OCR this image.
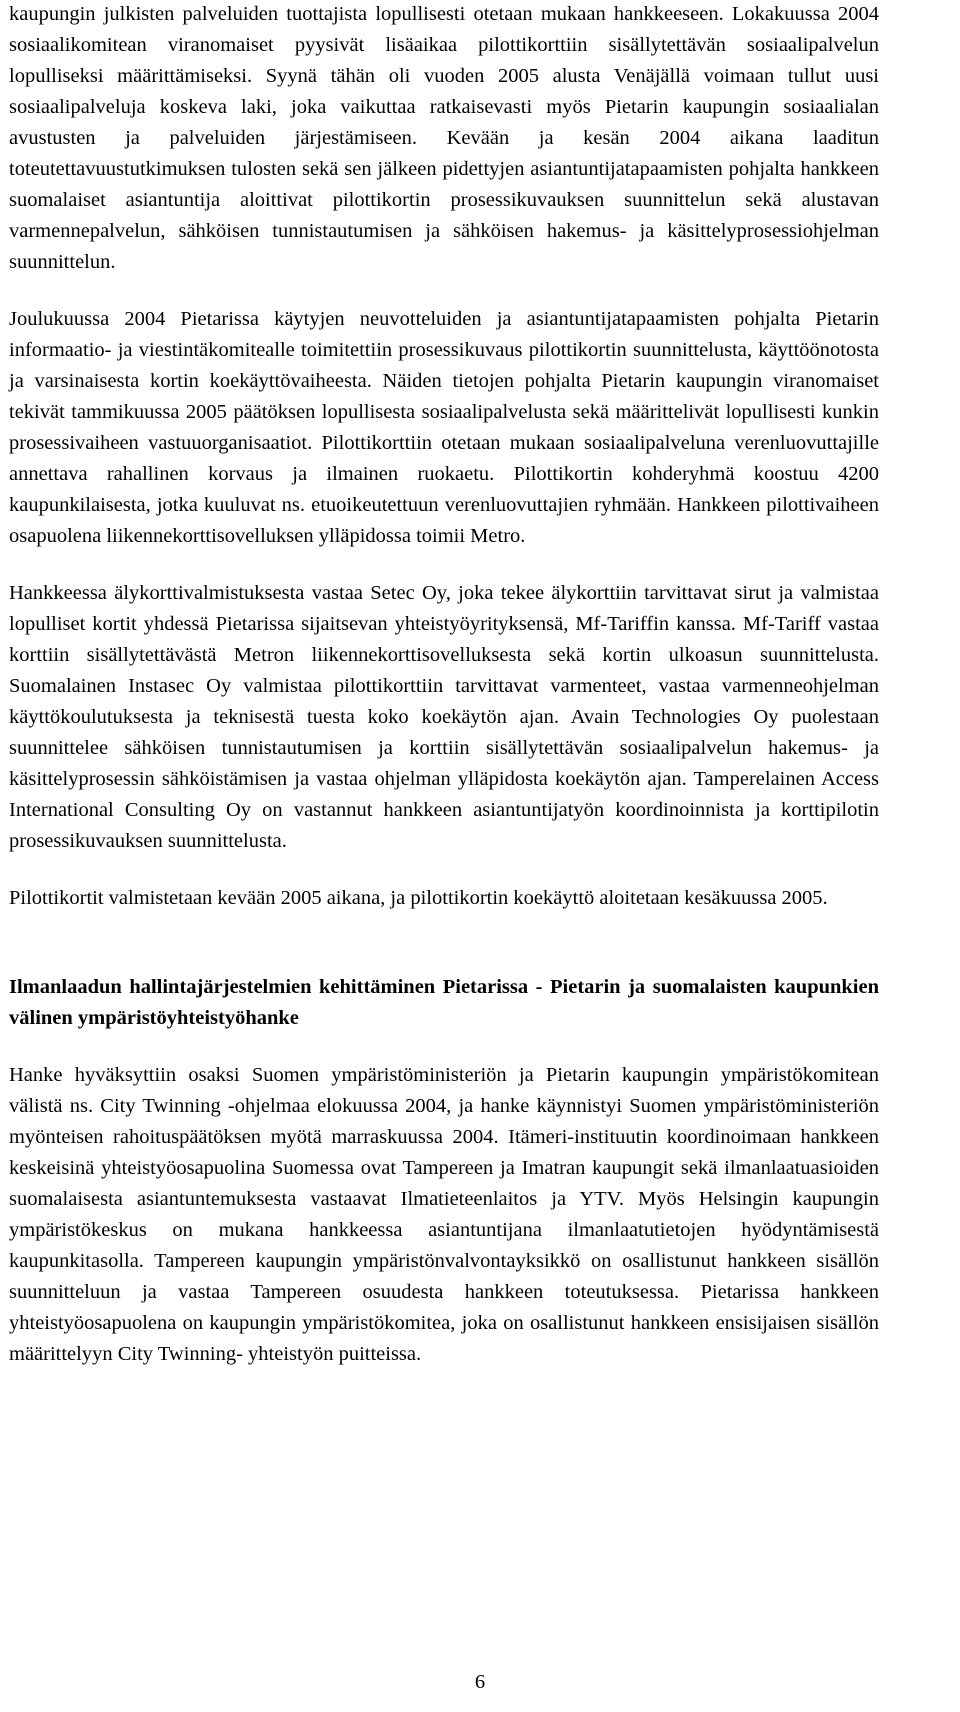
kaupungin julkisten palveluiden tuottajista lopullisesti otetaan mukaan hankkeeseen. Lokakuussa 2004 sosiaalikomitean viranomaiset pyysivät lisäaikaa pilottikorttiin sisällytettävän sosiaalipalvelun lopulliseksi määrittämiseksi. Syynä tähän oli vuoden 2005 alusta Venäjällä voimaan tullut uusi sosiaalipalveluja koskeva laki, joka vaikuttaa ratkaisevasti myös Pietarin kaupungin sosiaalialan avustusten ja palveluiden järjestämiseen. Kevään ja kesän 2004 aikana laaditun toteutettavuustutkimuksen tulosten sekä sen jälkeen pidettyjen asiantuntijatapaamisten pohjalta hankkeen suomalaiset asiantuntija aloittivat pilottikortin prosessikuvauksen suunnittelun sekä alustavan varmennepalvelun, sähköisen tunnistautumisen ja sähköisen hakemus- ja käsittelyprosessiohjelman suunnittelun.

Joulukuussa 2004 Pietarissa käytyjen neuvotteluiden ja asiantuntijatapaamisten pohjalta Pietarin informaatio- ja viestintäkomitealle toimitettiin prosessikuvaus pilottikortin suunnittelusta, käyttöönotosta ja varsinaisesta kortin koekäyttövaiheesta. Näiden tietojen pohjalta Pietarin kaupungin viranomaiset tekivät tammikuussa 2005 päätöksen lopullisesta sosiaalipalvelusta sekä määrittelivät lopullisesti kunkin prosessivaiheen vastuuorganisaatiot. Pilottikorttiin otetaan mukaan sosiaalipalveluna verenluovuttajille annettava rahallinen korvaus ja ilmainen ruokaetu. Pilottikortin kohderyhmä koostuu 4200 kaupunkilaisesta, jotka kuuluvat ns. etuoikeutettuun verenluovuttajien ryhmään. Hankkeen pilottivaiheen osapuolena liikennekorttisovelluksen ylläpidossa toimii Metro.

Hankkeessa älykorttivalmistuksesta vastaa Setec Oy, joka tekee älykorttiin tarvittavat sirut ja valmistaa lopulliset kortit yhdessä Pietarissa sijaitsevan yhteistyöyrityksensä, Mf-Tariffin kanssa. Mf-Tariff vastaa korttiin sisällytettävästä Metron liikennekorttisovelluksesta sekä kortin ulkoasun suunnittelusta. Suomalainen Instasec Oy valmistaa pilottikorttiin tarvittavat varmenteet, vastaa varmenneohjelman käyttökoulutuksesta ja teknisestä tuesta koko koekäytön ajan. Avain Technologies Oy puolestaan suunnittelee sähköisen tunnistautumisen ja korttiin sisällytettävän sosiaalipalvelun hakemus- ja käsittelyprosessin sähköistämisen ja vastaa ohjelman ylläpidosta koekäytön ajan. Tamperelainen Access International Consulting Oy on vastannut hankkeen asiantuntijatyön koordinoinnista ja korttipilotin prosessikuvauksen suunnittelusta.

Pilottikortit valmistetaan kevään 2005 aikana, ja pilottikortin koekäyttö aloitetaan kesäkuussa 2005.

Ilmanlaadun hallintajärjestelmien kehittäminen Pietarissa - Pietarin ja suomalaisten kaupunkien välinen ympäristöyhteistyöhanke

Hanke hyväksyttiin osaksi Suomen ympäristöministeriön ja Pietarin kaupungin ympäristökomitean välistä ns. City Twinning -ohjelmaa elokuussa 2004, ja hanke käynnistyi Suomen ympäristöministeriön myönteisen rahoituspäätöksen myötä marraskuussa 2004. Itämeri-instituutin koordinoimaan hankkeen keskeisinä yhteistyöosapuolina Suomessa ovat Tampereen ja Imatran kaupungit sekä ilmanlaatuasioiden suomalaisesta asiantuntemuksesta vastaavat Ilmatieteenlaitos ja YTV. Myös Helsingin kaupungin ympäristökeskus on mukana hankkeessa asiantuntijana ilmanlaatutietojen hyödyntämisestä kaupunkitasolla. Tampereen kaupungin ympäristönvalvontayksikkö on osallistunut hankkeen sisällön suunnitteluun ja vastaa Tampereen osuudesta hankkeen toteutuksessa. Pietarissa hankkeen yhteistyöosapuolena on kaupungin ympäristökomitea, joka on osallistunut hankkeen ensisijaisen sisällön määrittelyyn City Twinning- yhteistyön puitteissa.

6
